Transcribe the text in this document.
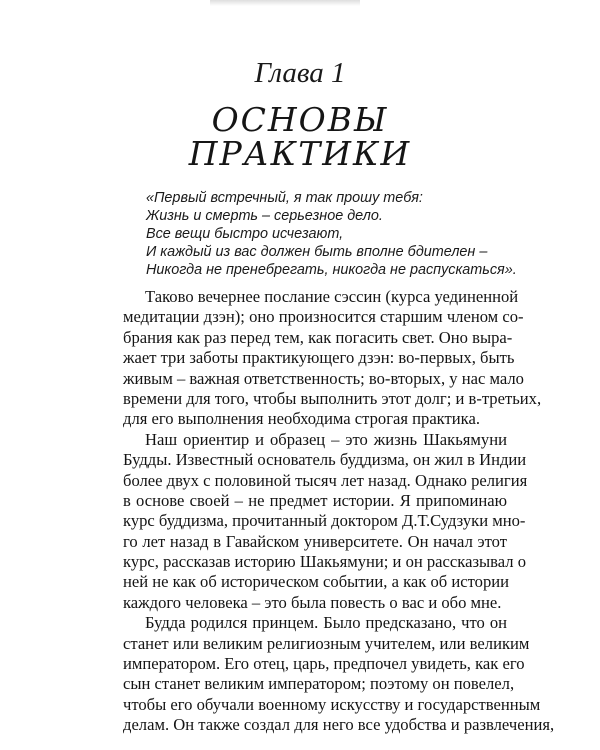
Глава 1
ОСНОВЫ
ПРАКТИКИ
«Первый встречный, я так прошу тебя:
Жизнь и смерть – серьезное дело.
Все вещи быстро исчезают,
И каждый из вас должен быть вполне бдителен –
Никогда не пренебрегать, никогда не распускаться».
Таково вечернее послание сэссин (курса уединенной
медитации дзэн); оно произносится старшим членом со-
брания как раз перед тем, как погасить свет. Оно выра-
жает три заботы практикующего дзэн: во-первых, быть
живым – важная ответственность; во-вторых, у нас мало
времени для того, чтобы выполнить этот долг; и в-третьих,
для его выполнения необходима строгая практика.
Наш ориентир и образец – это жизнь Шакьямуни
Будды. Известный основатель буддизма, он жил в Индии
более двух с половиной тысяч лет назад. Однако религия
в основе своей – не предмет истории. Я припоминаю
курс буддизма, прочитанный доктором Д.Т.Судзуки мно-
го лет назад в Гавайском университете. Он начал этот
курс, рассказав историю Шакьямуни; и он рассказывал о
ней не как об историческом событии, а как об истории
каждого человека – это была повесть о вас и обо мне.
Будда родился принцем. Было предсказано, что он
станет или великим религиозным учителем, или великим
императором. Его отец, царь, предпочел увидеть, как его
сын станет великим императором; поэтому он повелел,
чтобы его обучали военному искусству и государственным
делам. Он также создал для него все удобства и развлечения,
